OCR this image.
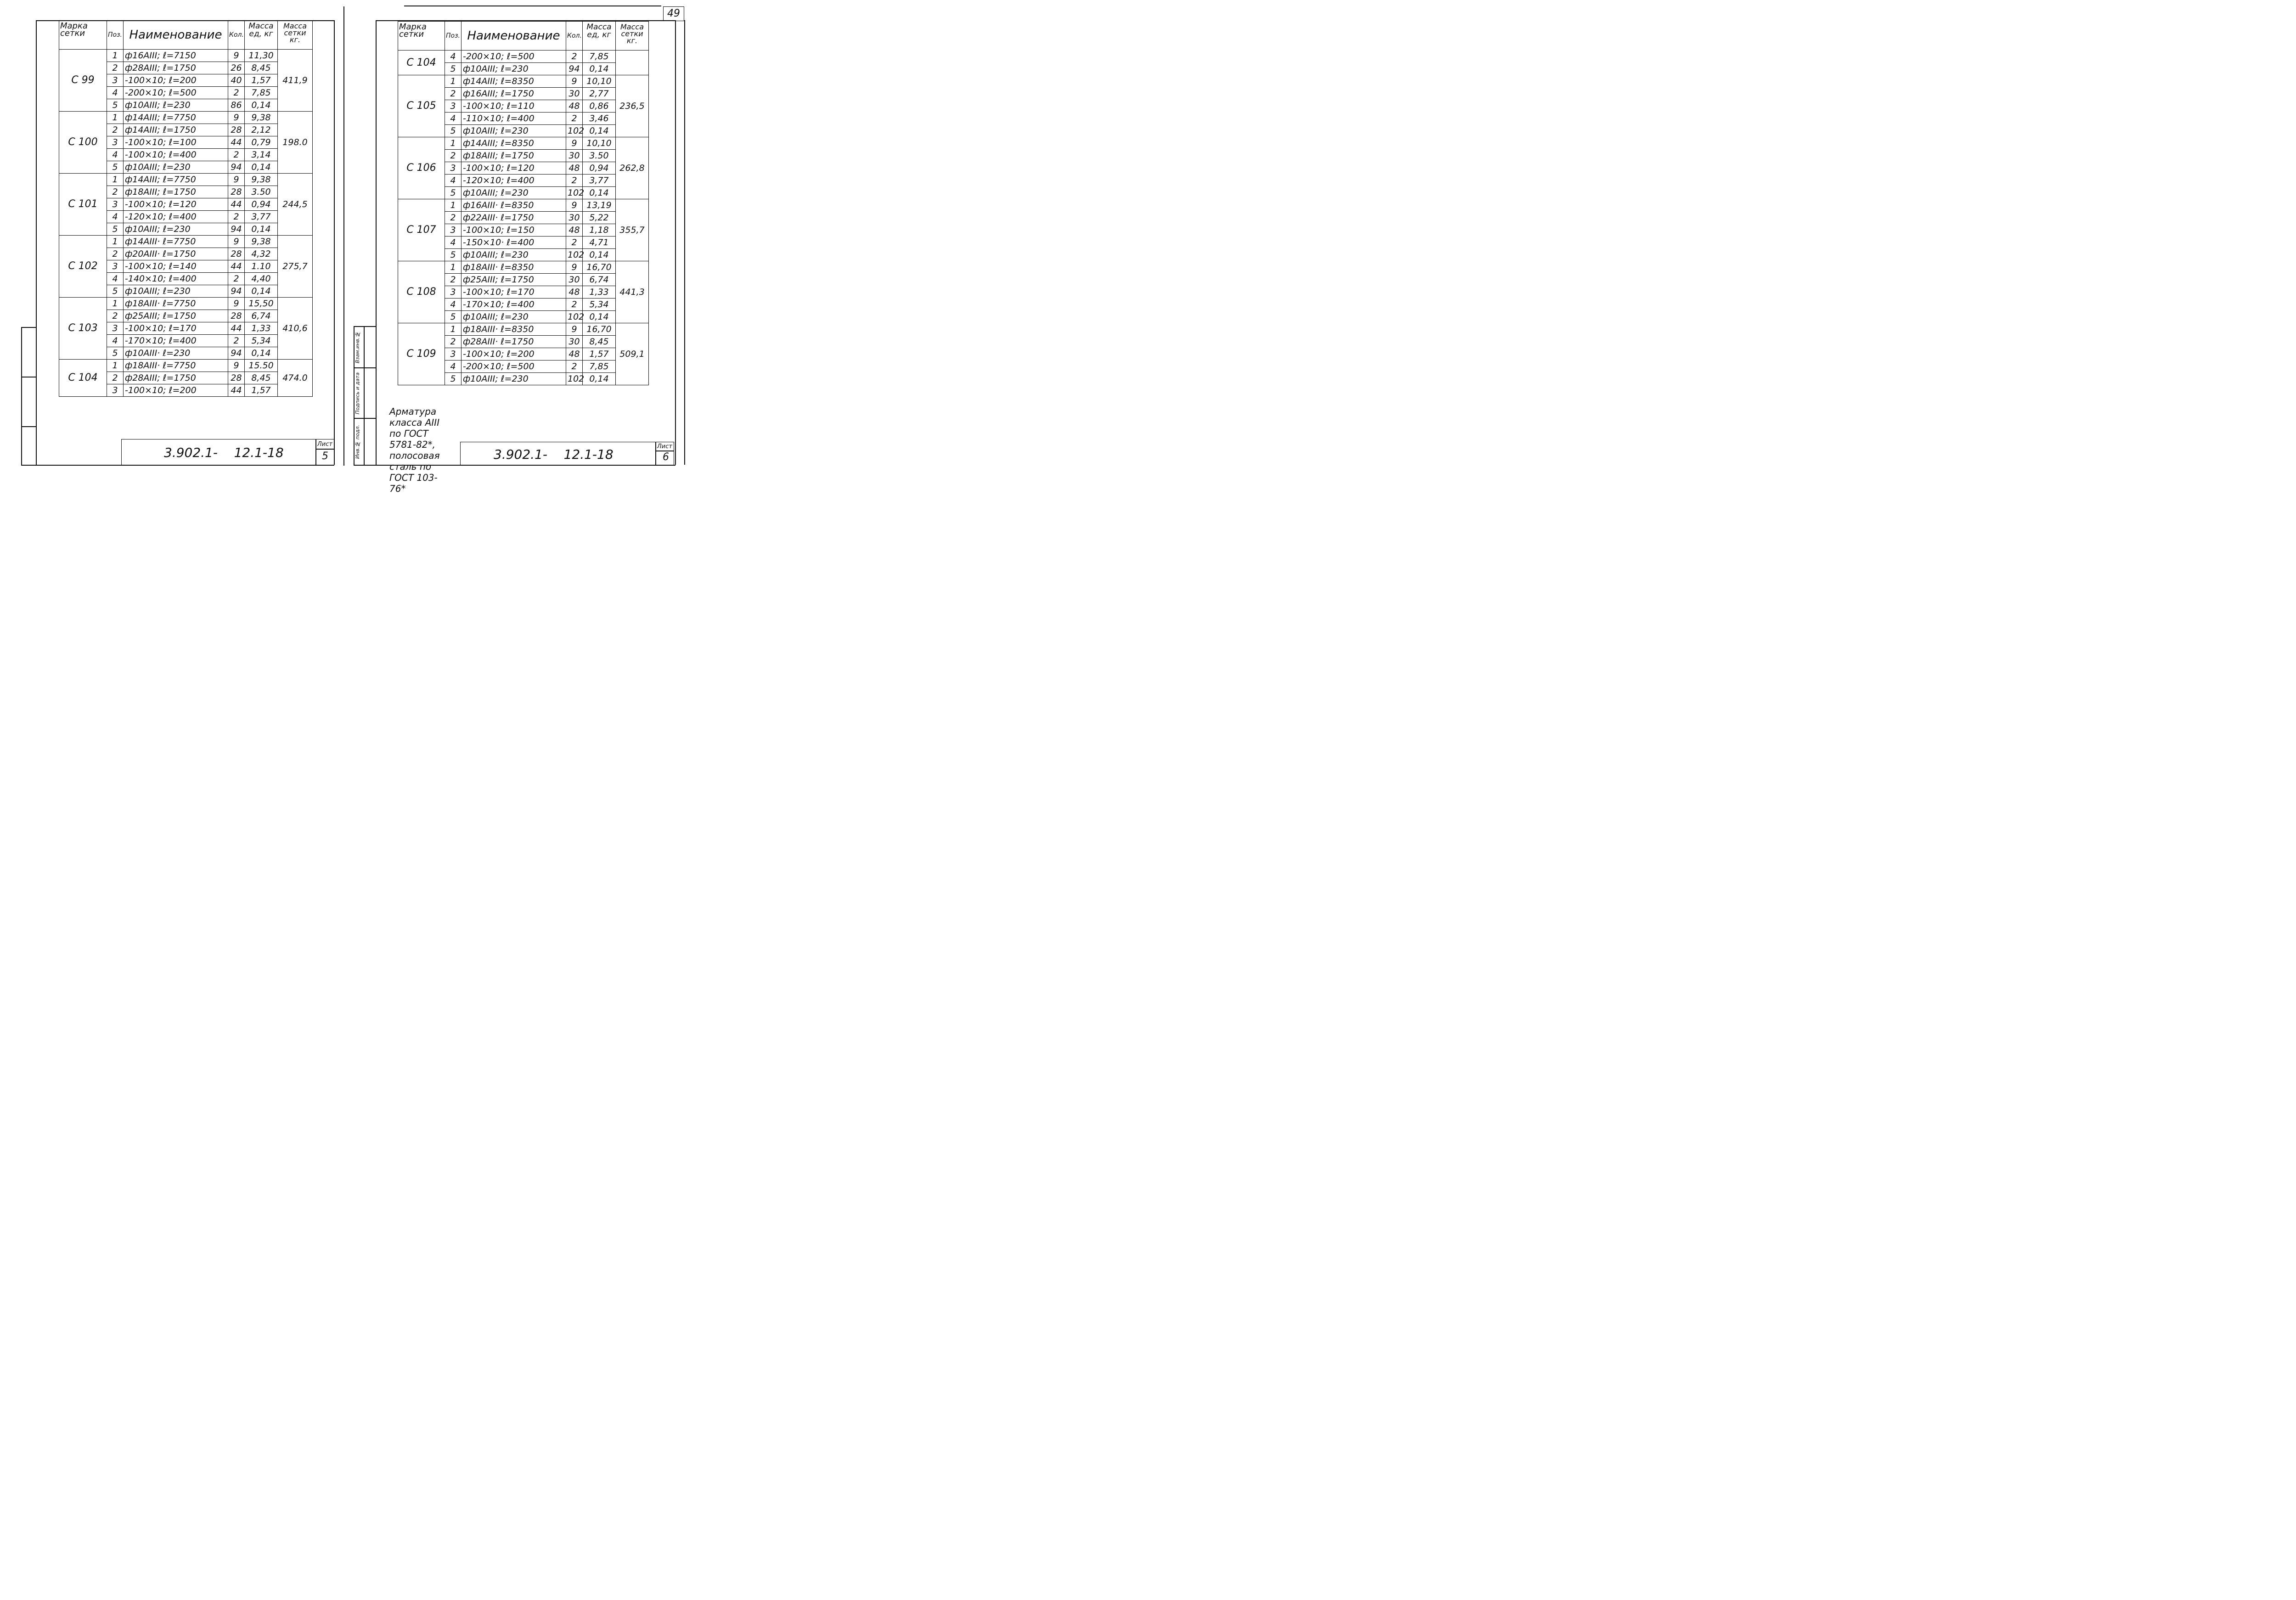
Марка сетки	Поз.	Наименование	Кол.	Масса ед, кг	Масса сетки кг.
С 99	1	ф16АIII; ℓ=7150	9	11,30	411,9
	2	ф28АIII; ℓ=1750	26	8,45	
	3	-100×10; ℓ=200	40	1,57	
	4	-200×10; ℓ=500	2	7,85	
	5	ф10АIII; ℓ=230	86	0,14	
С 100	1	ф14АIII; ℓ=7750	9	9,38	198.0
	2	ф14АIII; ℓ=1750	28	2,12	
	3	-100×10; ℓ=100	44	0,79	
	4	-100×10; ℓ=400	2	3,14	
	5	ф10АIII; ℓ=230	94	0,14	
С 101	1	ф14АIII; ℓ=7750	9	9,38	244,5
	2	ф18АIII; ℓ=1750	28	3.50	
	3	-100×10; ℓ=120	44	0,94	
	4	-120×10; ℓ=400	2	3,77	
	5	ф10АIII; ℓ=230	94	0,14	
С 102	1	ф14АIII· ℓ=7750	9	9,38	275,7
	2	ф20АIII· ℓ=1750	28	4,32	
	3	-100×10; ℓ=140	44	1.10	
	4	-140×10; ℓ=400	2	4,40	
	5	ф10АIII; ℓ=230	94	0,14	
С 103	1	ф18АIII· ℓ=7750	9	15,50	410,6
	2	ф25АIII; ℓ=1750	28	6,74	
	3	-100×10; ℓ=170	44	1,33	
	4	-170×10; ℓ=400	2	5,34	
	5	ф10АIII· ℓ=230	94	0,14	
С 104	1	ф18АIII· ℓ=7750	9	15.50	474.0
	2	ф28АIII; ℓ=1750	28	8,45	
	3	-100×10; ℓ=200	44	1,57	
3.902.1-    12.1-18
Лист
5
49
Инв.№ подл.
Подпись и дата
Взам.инв.№
Марка сетки	Поз.	Наименование	Кол.	Масса ед, кг	Масса сетки кг.
С 104	4	-200×10; ℓ=500	2	7,85	
	5	ф10АIII; ℓ=230	94	0,14	
С 105	1	ф14АIII; ℓ=8350	9	10,10	236,5
	2	ф16АIII; ℓ=1750	30	2,77	
	3	-100×10; ℓ=110	48	0,86	
	4	-110×10; ℓ=400	2	3,46	
	5	ф10АIII; ℓ=230	102	0,14	
С 106	1	ф14АIII; ℓ=8350	9	10,10	262,8
	2	ф18АIII; ℓ=1750	30	3.50	
	3	-100×10; ℓ=120	48	0,94	
	4	-120×10; ℓ=400	2	3,77	
	5	ф10АIII; ℓ=230	102	0,14	
С 107	1	ф16АIII· ℓ=8350	9	13,19	355,7
	2	ф22АIII· ℓ=1750	30	5,22	
	3	-100×10; ℓ=150	48	1,18	
	4	-150×10· ℓ=400	2	4,71	
	5	ф10АIII; ℓ=230	102	0,14	
С 108	1	ф18АIII· ℓ=8350	9	16,70	441,3
	2	ф25АIII; ℓ=1750	30	6,74	
	3	-100×10; ℓ=170	48	1,33	
	4	-170×10; ℓ=400	2	5,34	
	5	ф10АIII; ℓ=230	102	0,14	
С 109	1	ф18АIII· ℓ=8350	9	16,70	509,1
	2	ф28АIII· ℓ=1750	30	8,45	
	3	-100×10; ℓ=200	48	1,57	
	4	-200×10; ℓ=500	2	7,85	
	5	ф10АIII; ℓ=230	102	0,14	
Арматура класса АIII по ГОСТ 5781-82*,
полосовая сталь по ГОСТ 103-76*
3.902.1-    12.1-18
Лист
6
